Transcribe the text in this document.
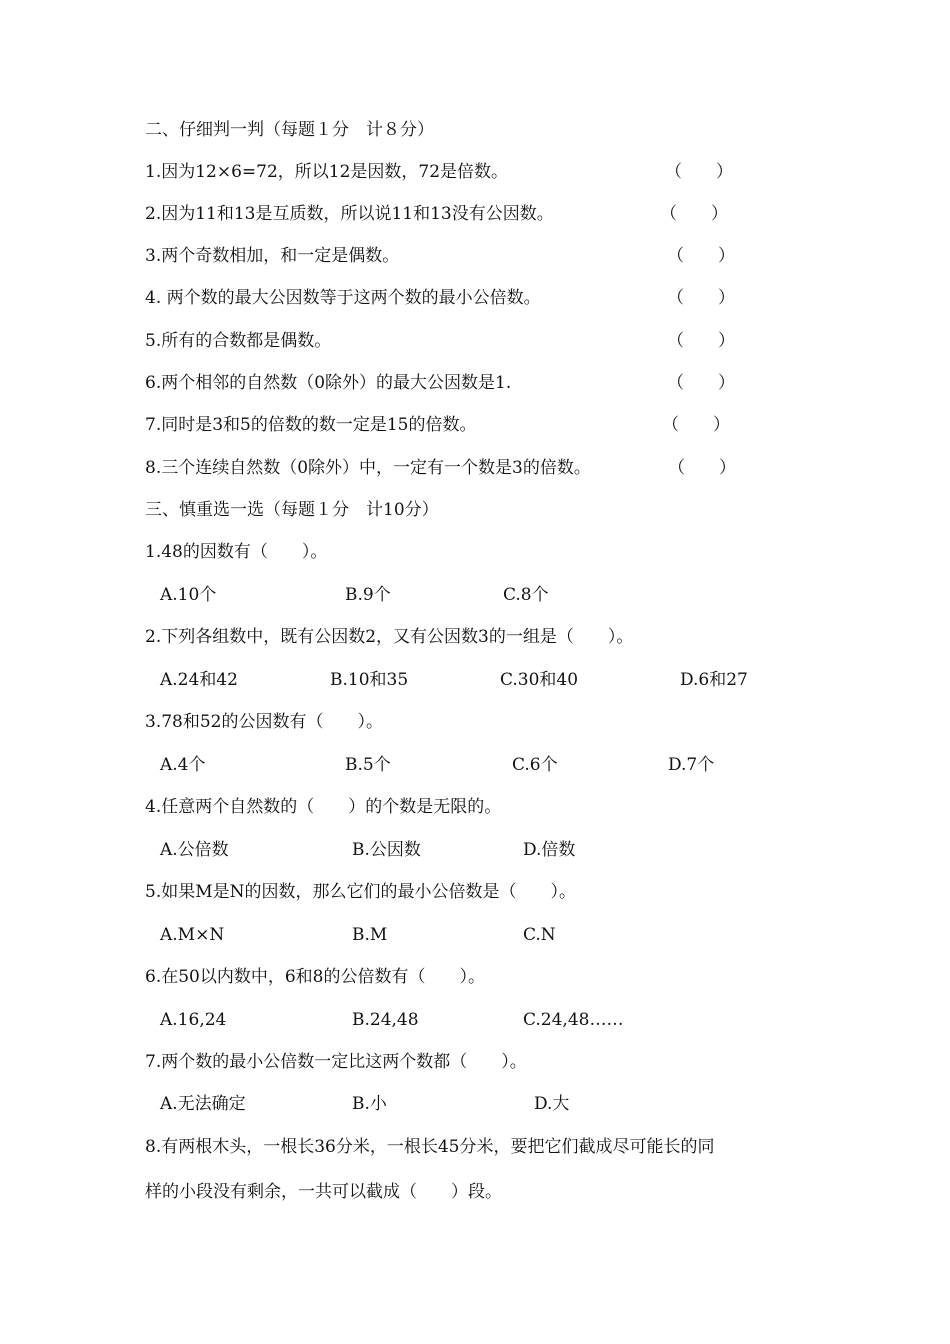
二、仔细判一判（每题１分　计８分）
1.因为12×6=72，所以12是因数，72是倍数。	（　　）
2.因为11和13是互质数，所以说11和13没有公因数。	（　　）
3.两个奇数相加，和一定是偶数。	（　　）
4. 两个数的最大公因数等于这两个数的最小公倍数。	（　　）
5.所有的合数都是偶数。	（　　）
6.两个相邻的自然数（0除外）的最大公因数是1.	（　　）
7.同时是3和5的倍数的数一定是15的倍数。	（　　）
8.三个连续自然数（0除外）中，一定有一个数是3的倍数。	（　　）
三、慎重选一选（每题１分　计10分）
1.48的因数有（　　）。
A.10个	B.9个	C.8个
2.下列各组数中，既有公因数2，又有公因数3的一组是（　　）。
A.24和42	B.10和35	C.30和40	D.6和27
3.78和52的公因数有（　　）。
A.4个	B.5个	C.6个	D.7个
4.任意两个自然数的（　　）的个数是无限的。
A.公倍数	B.公因数	D.倍数
5.如果M是N的因数，那么它们的最小公倍数是（　　）。
A.M×N	B.M	C.N
6.在50以内数中，6和8的公倍数有（　　）。
A.16,24	B.24,48	C.24,48……
7.两个数的最小公倍数一定比这两个数都（　　）。
A.无法确定	B.小	D.大
8.有两根木头，一根长36分米，一根长45分米，要把它们截成尽可能长的同
样的小段没有剩余，一共可以截成（　　）段。
